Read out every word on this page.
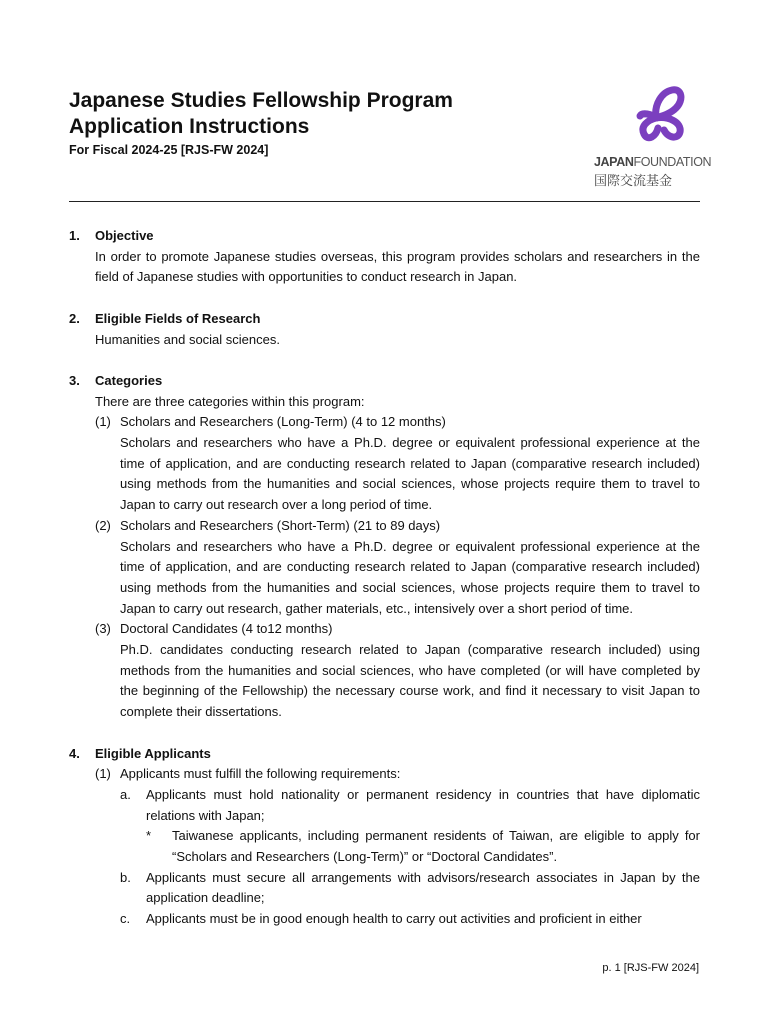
Japanese Studies Fellowship Program
Application Instructions
For Fiscal 2024-25 [RJS-FW 2024]
JAPANFOUNDATION
国際交流基金
1.	Objective
In order to promote Japanese studies overseas, this program provides scholars and researchers in the field of Japanese studies with opportunities to conduct research in Japan.
2.	Eligible Fields of Research
Humanities and social sciences.
3.	Categories
There are three categories within this program:
(1) Scholars and Researchers (Long-Term) (4 to 12 months)
Scholars and researchers who have a Ph.D. degree or equivalent professional experience at the time of application, and are conducting research related to Japan (comparative research included) using methods from the humanities and social sciences, whose projects require them to travel to Japan to carry out research over a long period of time.
(2) Scholars and Researchers (Short-Term) (21 to 89 days)
Scholars and researchers who have a Ph.D. degree or equivalent professional experience at the time of application, and are conducting research related to Japan (comparative research included) using methods from the humanities and social sciences, whose projects require them to travel to Japan to carry out research, gather materials, etc., intensively over a short period of time.
(3) Doctoral Candidates (4 to12 months)
Ph.D. candidates conducting research related to Japan (comparative research included) using methods from the humanities and social sciences, who have completed (or will have completed by the beginning of the Fellowship) the necessary course work, and find it necessary to visit Japan to complete their dissertations.
4.	Eligible Applicants
(1) Applicants must fulfill the following requirements:
a.	Applicants must hold nationality or permanent residency in countries that have diplomatic relations with Japan;
*	Taiwanese applicants, including permanent residents of Taiwan, are eligible to apply for “Scholars and Researchers (Long-Term)” or “Doctoral Candidates”.
b.	Applicants must secure all arrangements with advisors/research associates in Japan by the application deadline;
c.	Applicants must be in good enough health to carry out activities and proficient in either
p. 1 [RJS-FW 2024]
